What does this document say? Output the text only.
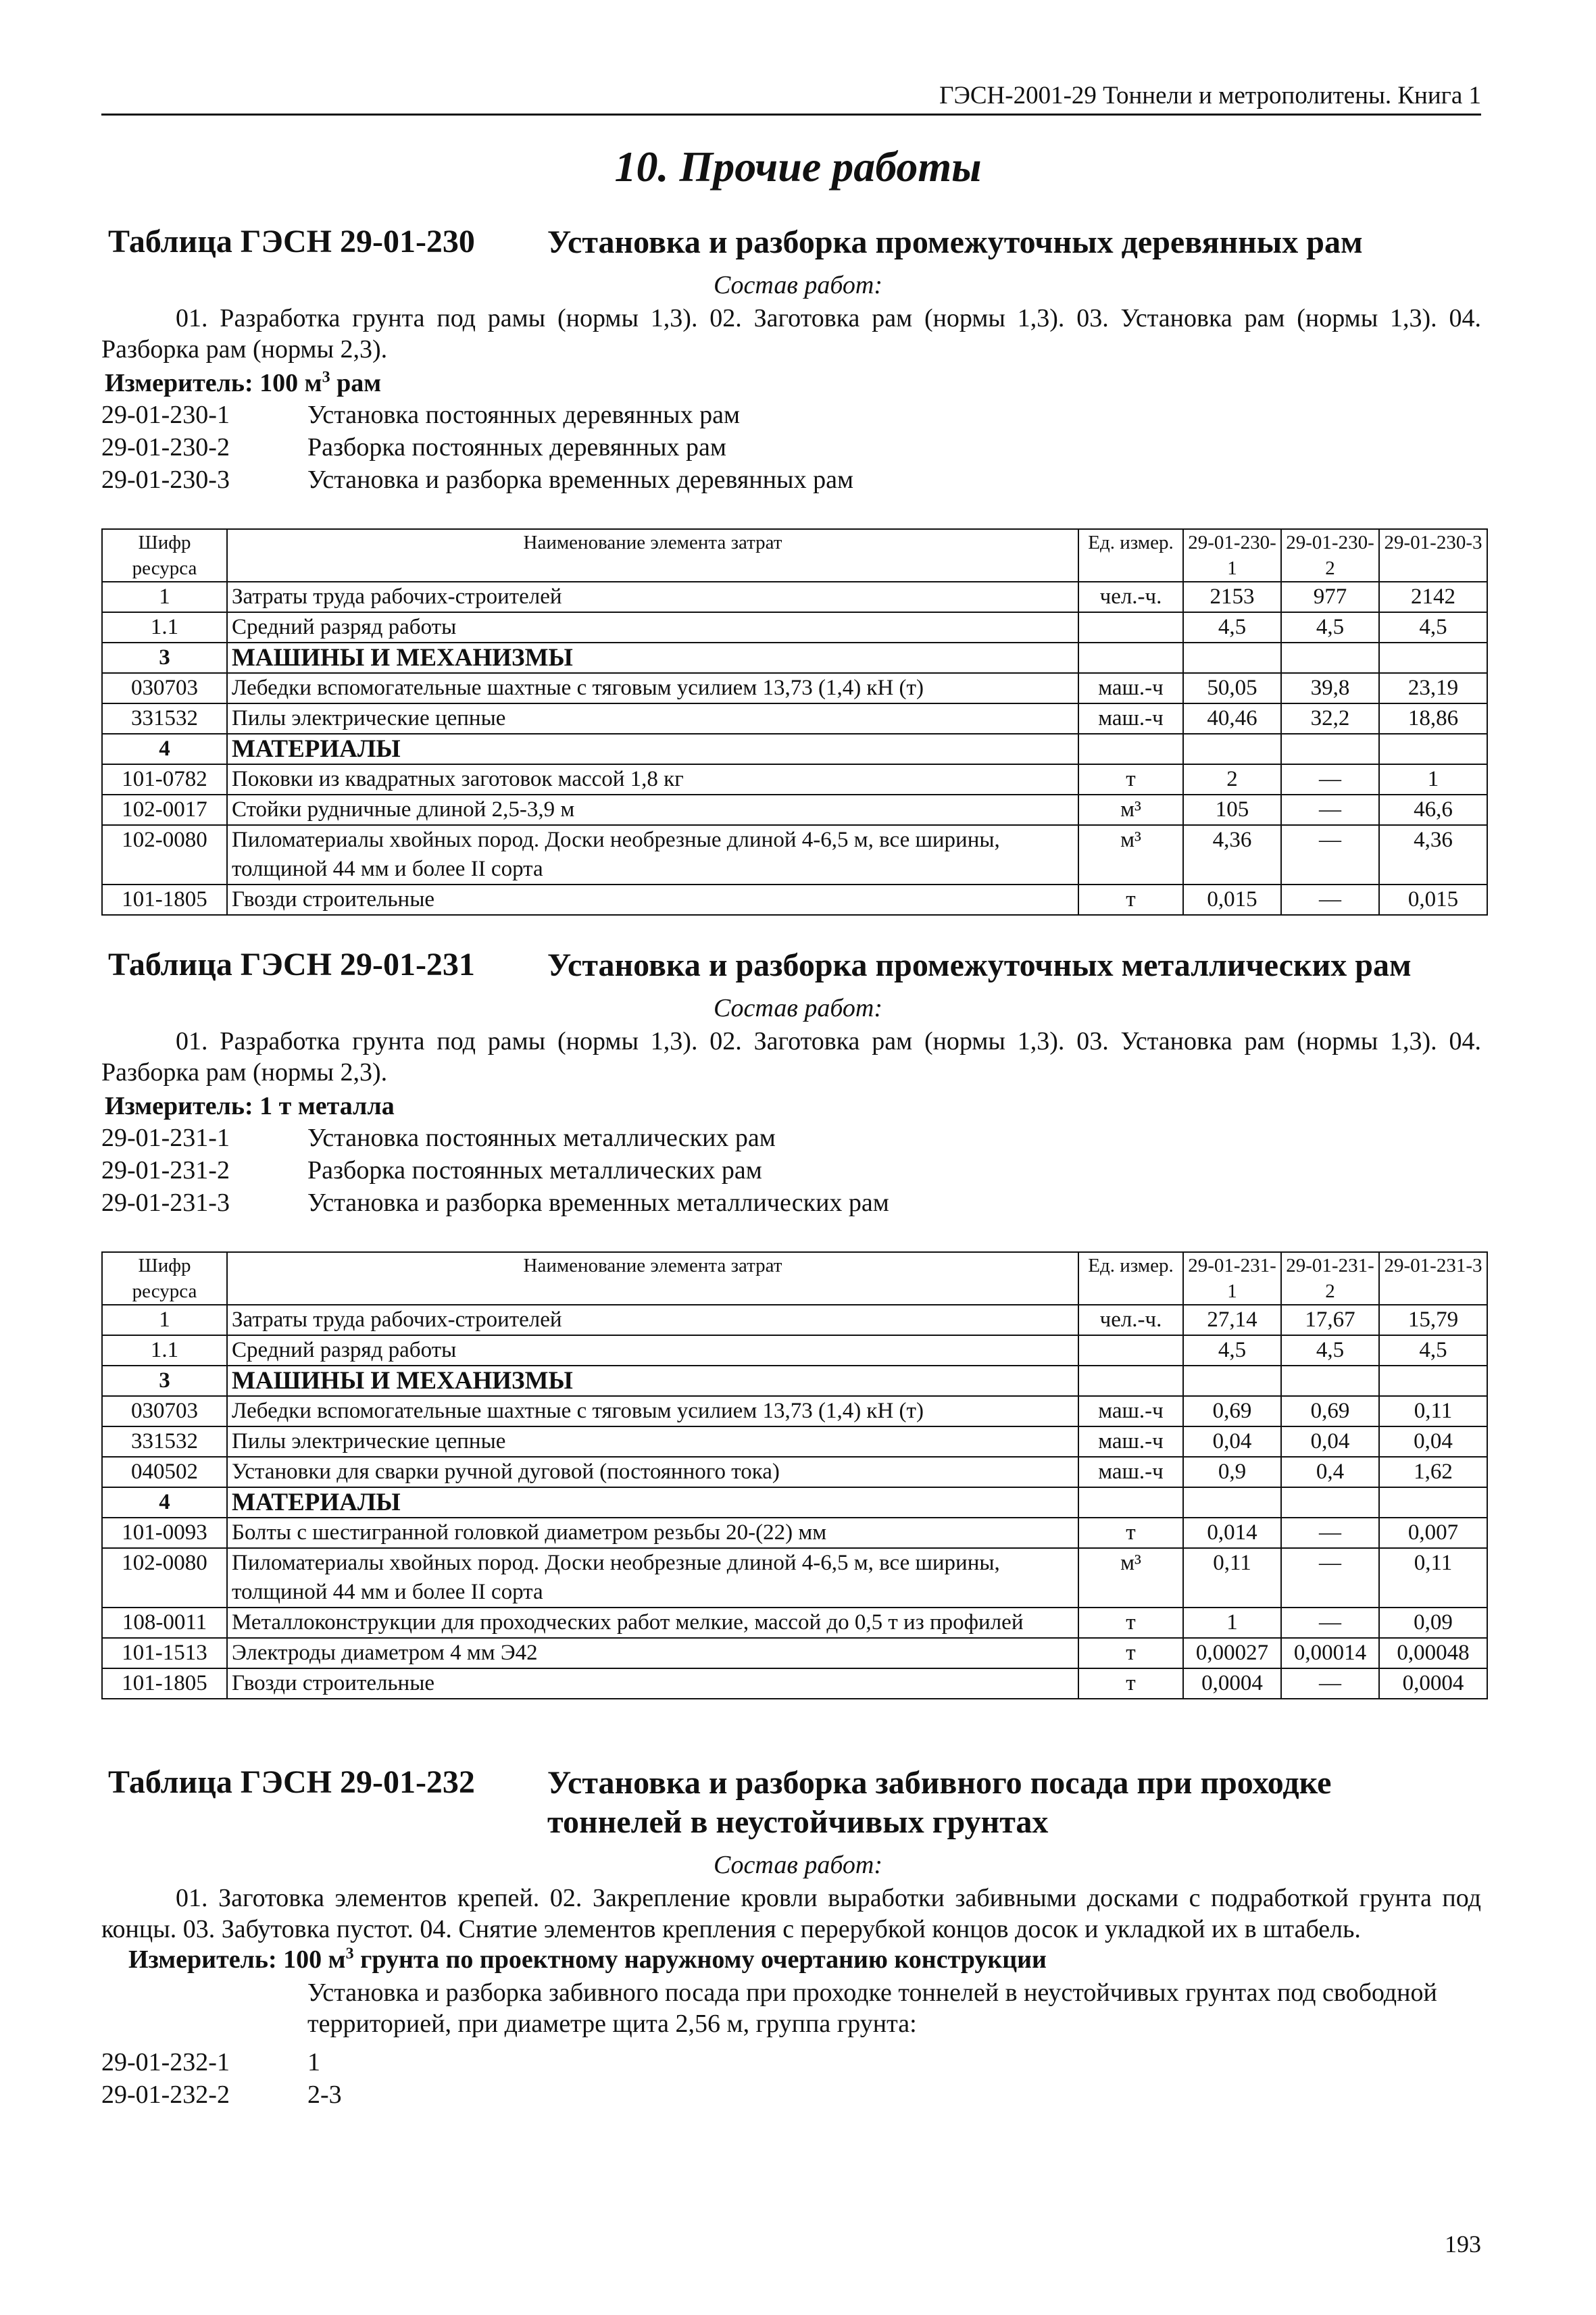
ГЭСН-2001-29 Тоннели и метрополитены. Книга 1
10. Прочие работы
Таблица ГЭСН 29-01-230 Установка и разборка промежуточных деревянных рам
Состав работ:
01. Разработка грунта под рамы (нормы 1,3). 02. Заготовка рам (нормы 1,3). 03. Установка рам (нормы 1,3). 04. Разборка рам (нормы 2,3).
Измеритель: 100 $м^3$ рам
29-01-230-1	Установка постоянных деревянных рам
29-01-230-2	Разборка постоянных деревянных рам
29-01-230-3	Установка и разборка временных деревянных рам
Шифр ресурса	Наименование элемента затрат	Ед. измер.	29-01-230-1	29-01-230-2	29-01-230-3
1	Затраты труда рабочих-строителей	чел.-ч.	2153	977	2142
1.1	Средний разряд работы		4,5	4,5	4,5
3	МАШИНЫ И МЕХАНИЗМЫ				
030703	Лебедки вспомогательные шахтные с тяговым усилием 13,73 (1,4) кН (т)	маш.-ч	50,05	39,8	23,19
331532	Пилы электрические цепные	маш.-ч	40,46	32,2	18,86
4	МАТЕРИАЛЫ				
101-0782	Поковки из квадратных заготовок массой 1,8 кг	т	2	—	1
102-0017	Стойки рудничные длиной 2,5-3,9 м	м³	105	—	46,6
102-0080	Пиломатериалы хвойных пород. Доски необрезные длиной 4-6,5 м, все ширины, толщиной 44 мм и более II сорта	м³	4,36	—	4,36
101-1805	Гвозди строительные	т	0,015	—	0,015
Таблица ГЭСН 29-01-231 Установка и разборка промежуточных металлических рам
Состав работ:
01. Разработка грунта под рамы (нормы 1,3). 02. Заготовка рам (нормы 1,3). 03. Установка рам (нормы 1,3). 04. Разборка рам (нормы 2,3).
Измеритель: 1 т металла
29-01-231-1	Установка постоянных металлических рам
29-01-231-2	Разборка постоянных металлических рам
29-01-231-3	Установка и разборка временных металлических рам
Шифр ресурса	Наименование элемента затрат	Ед. измер.	29-01-231-1	29-01-231-2	29-01-231-3
1	Затраты труда рабочих-строителей	чел.-ч.	27,14	17,67	15,79
1.1	Средний разряд работы		4,5	4,5	4,5
3	МАШИНЫ И МЕХАНИЗМЫ				
030703	Лебедки вспомогательные шахтные с тяговым усилием 13,73 (1,4) кН (т)	маш.-ч	0,69	0,69	0,11
331532	Пилы электрические цепные	маш.-ч	0,04	0,04	0,04
040502	Установки для сварки ручной дуговой (постоянного тока)	маш.-ч	0,9	0,4	1,62
4	МАТЕРИАЛЫ				
101-0093	Болты с шестигранной головкой диаметром резьбы 20-(22) мм	т	0,014	—	0,007
102-0080	Пиломатериалы хвойных пород. Доски необрезные длиной 4-6,5 м, все ширины, толщиной 44 мм и более II сорта	м³	0,11	—	0,11
108-0011	Металлоконструкции для проходческих работ мелкие, массой до 0,5 т из профилей	т	1	—	0,09
101-1513	Электроды диаметром 4 мм Э42	т	0,00027	0,00014	0,00048
101-1805	Гвозди строительные	т	0,0004	—	0,0004
Таблица ГЭСН 29-01-232 Установка и разборка забивного посада при проходке
тоннелей в неустойчивых грунтах
Состав работ:
01. Заготовка элементов крепей. 02. Закрепление кровли выработки забивными досками с подработкой грунта под концы. 03. Забутовка пустот. 04. Снятие элементов крепления с перерубкой концов досок и укладкой их в штабель.
Измеритель: 100 $м^3$ грунта по проектному наружному очертанию конструкции
Установка и разборка забивного посада при проходке тоннелей в неустойчивых грунтах под свободной территорией, при диаметре щита 2,56 м, группа грунта:
29-01-232-1	1
29-01-232-2	2-3
193
